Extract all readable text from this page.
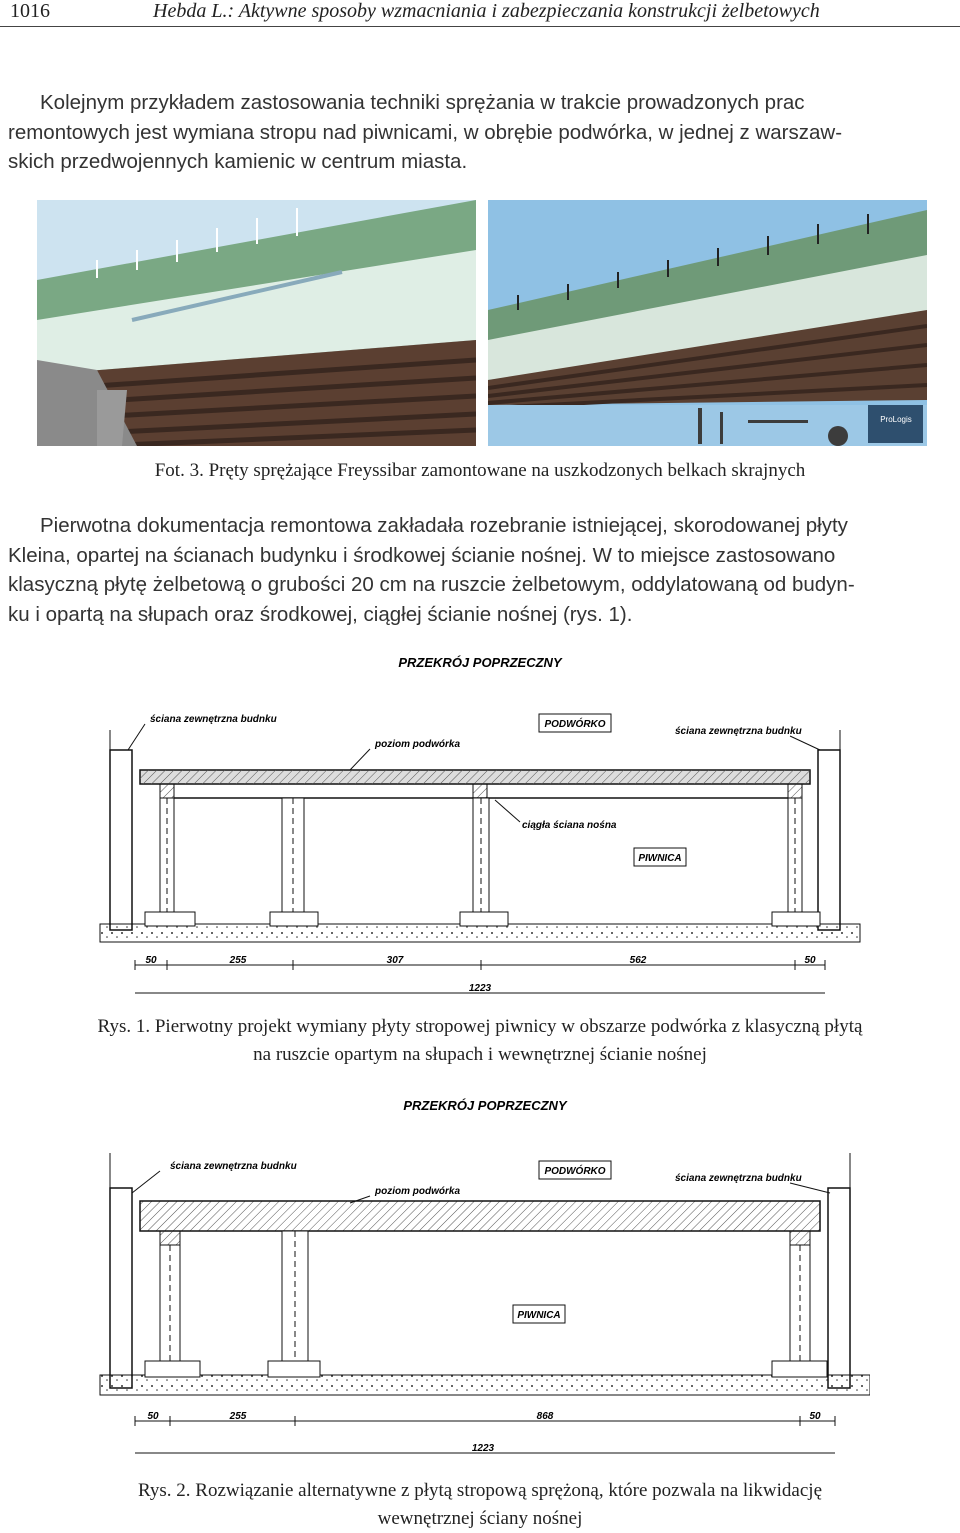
1016	Hebda L.: Aktywne sposoby wzmacniania i zabezpieczania konstrukcji żelbetowych
Kolejnym przykładem zastosowania techniki sprężania w trakcie prowadzonych prac
remontowych jest wymiana stropu nad piwnicami, w obrębie podwórka, w jednej z warszaw-
skich przedwojennych kamienic w centrum miasta.
ProLogis
Fot. 3. Pręty sprężające Freyssibar zamontowane na uszkodzonych belkach skrajnych
Pierwotna dokumentacja remontowa zakładała rozebranie istniejącej, skorodowanej płyty
Kleina, opartej na ścianach budynku i środkowej ścianie nośnej. W to miejsce zastosowano
klasyczną płytę żelbetową o grubości 20 cm na ruszcie żelbetowym, oddylatowaną od budyn-
ku i opartą na słupach oraz środkowej, ciągłej ścianie nośnej (rys. 1).
PRZEKRÓJ POPRZECZNY
ściana zewnętrzna budnku
poziom podwórka
PODWÓRKO
ściana zewnętrzna budnku
ciągła ściana nośna
PIWNICA
50	255	307	562	50
1223
Rys. 1. Pierwotny projekt wymiany płyty stropowej piwnicy w obszarze podwórka z klasyczną płytą
na ruszcie opartym na słupach i wewnętrznej ścianie nośnej
PRZEKRÓJ POPRZECZNY
ściana zewnętrzna budnku
poziom podwórka
PODWÓRKO
ściana zewnętrzna budnku
PIWNICA
50	255	868	50
1223
Rys. 2. Rozwiązanie alternatywne z płytą stropową sprężoną, które pozwala na likwidację
wewnętrznej ściany nośnej
